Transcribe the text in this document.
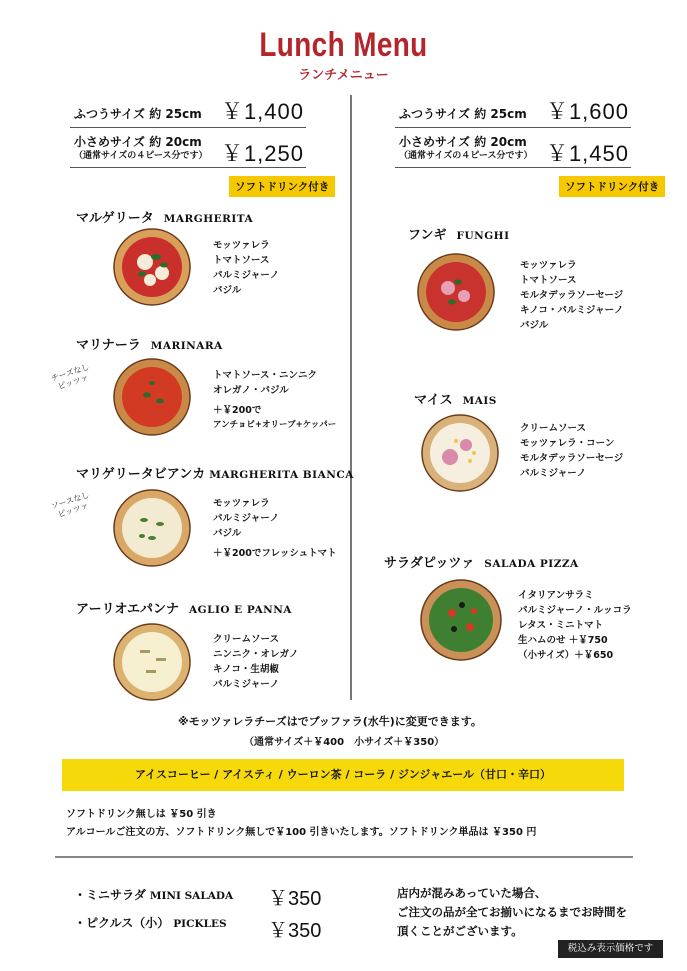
Lunch Menu
ランチメニュー
ふつうサイズ 約 25cm ￥1,400
小さめサイズ 約 20cm
（通常サイズの４ピース分です） ￥1,250
ソフトドリンク付き
ふつうサイズ 約 25cm ￥1,600
小さめサイズ 約 20cm
（通常サイズの４ピース分です） ￥1,450
ソフトドリンク付き
マルゲリータ MARGHERITA
モッツァレラ
トマトソース
パルミジャーノ
バジル
マリナーラ MARINARA
チーズなし
ピッツァ	トマトソース・ニンニク
オレガノ・バジル
＋￥200で
アンチョビ+オリーブ+ケッパー
マリゲリータビアンカ MARGHERITA BIANCA
ソースなし
ピッツァ	モッツァレラ
パルミジャーノ
バジル
＋￥200でフレッシュトマト
アーリオエパンナ AGLIO E PANNA
クリームソース
ニンニク・オレガノ
キノコ・生胡椒
パルミジャーノ
フンギ FUNGHI
モッツァレラ
トマトソース
モルタデッラソーセージ
キノコ・パルミジャーノ
バジル
マイス MAIS
クリームソース
モッツァレラ・コーン
モルタデッラソーセージ
パルミジャーノ
サラダピッツァ SALADA PIZZA
イタリアンサラミ
パルミジャーノ・ルッコラ
レタス・ミニトマト
生ハムのせ ＋￥750
（小サイズ）＋￥650
※モッツァレラチーズはでブッファラ(水牛)に変更できます。
（通常サイズ＋￥400　小サイズ＋￥350）
アイスコーヒー / アイスティ / ウーロン茶 / コーラ / ジンジャエール（甘口・辛口）
ソフトドリンク無しは ￥50 引き
アルコールご注文の方、ソフトドリンク無しで￥100 引きいたします。ソフトドリンク単品は ￥350 円
・ミニサラダ MINI SALADA ￥350
・ピクルス（小） PICKLES ￥350
店内が混みあっていた場合、
ご注文の品が全てお揃いになるまでお時間を
頂くことがございます。
税込み表示価格です
